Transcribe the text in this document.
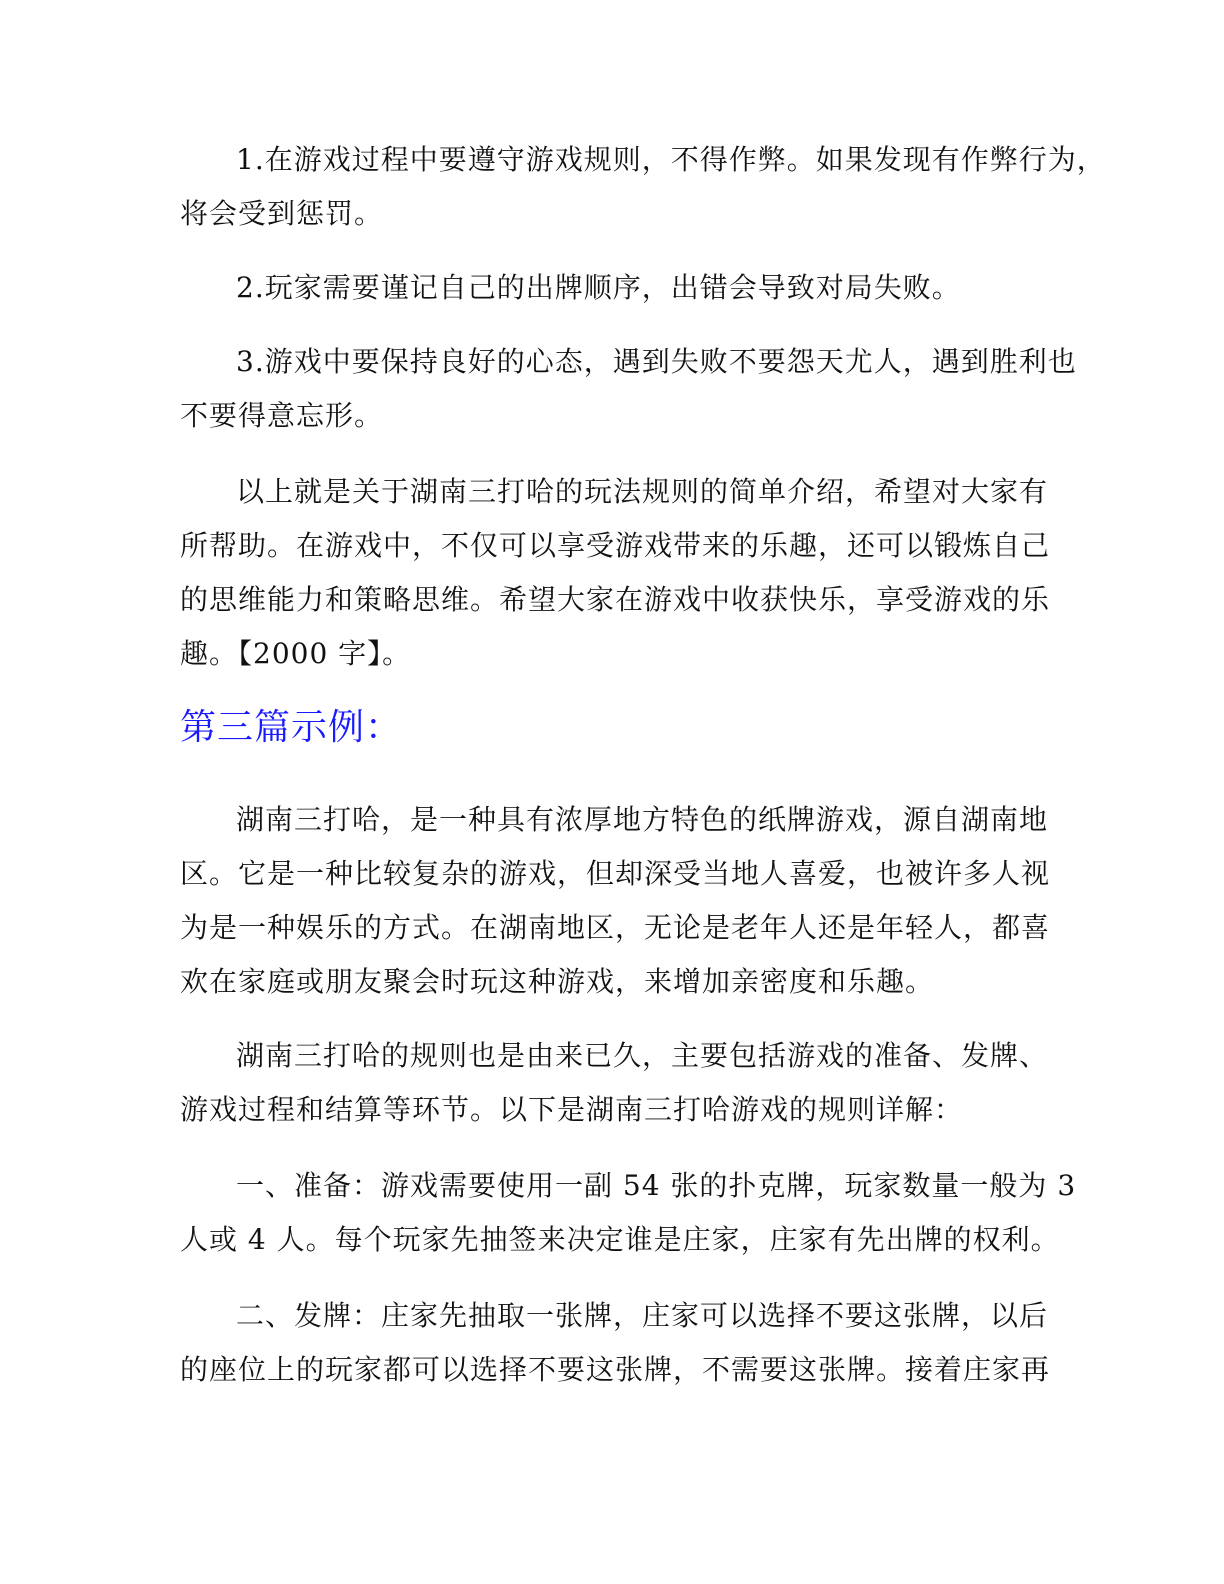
1.在游戏过程中要遵守游戏规则，不得作弊。如果发现有作弊行为，
将会受到惩罚。
2.玩家需要谨记自己的出牌顺序，出错会导致对局失败。
3.游戏中要保持良好的心态，遇到失败不要怨天尤人，遇到胜利也
不要得意忘形。
以上就是关于湖南三打哈的玩法规则的简单介绍，希望对大家有
所帮助。在游戏中，不仅可以享受游戏带来的乐趣，还可以锻炼自己
的思维能力和策略思维。希望大家在游戏中收获快乐，享受游戏的乐
趣。【2000 字】。
第三篇示例：
湖南三打哈，是一种具有浓厚地方特色的纸牌游戏，源自湖南地
区。它是一种比较复杂的游戏，但却深受当地人喜爱，也被许多人视
为是一种娱乐的方式。在湖南地区，无论是老年人还是年轻人，都喜
欢在家庭或朋友聚会时玩这种游戏，来增加亲密度和乐趣。
湖南三打哈的规则也是由来已久，主要包括游戏的准备、发牌、
游戏过程和结算等环节。以下是湖南三打哈游戏的规则详解：
一、准备：游戏需要使用一副 54 张的扑克牌，玩家数量一般为 3
人或 4 人。每个玩家先抽签来决定谁是庄家，庄家有先出牌的权利。
二、发牌：庄家先抽取一张牌，庄家可以选择不要这张牌，以后
的座位上的玩家都可以选择不要这张牌，不需要这张牌。接着庄家再
